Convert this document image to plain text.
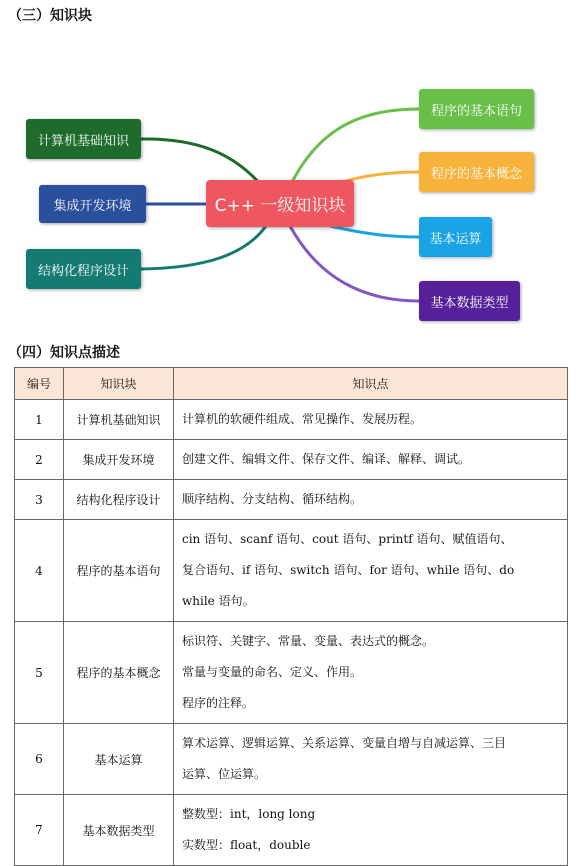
（三）知识块
C++ 一级知识块
计算机基础知识
集成开发环境
结构化程序设计
程序的基本语句
程序的基本概念
基本运算
基本数据类型
（四）知识点描述
编号	知识块	知识点
1	计算机基础知识	计算机的软硬件组成、常见操作、发展历程。

2	集成开发环境	创建文件、编辑文件、保存文件、编译、解释、调试。

3	结构化程序设计	顺序结构、分支结构、循环结构。

4	程序的基本语句	cin 语句、scanf 语句、cout 语句、printf 语句、赋值语句、
复合语句、if 语句、switch 语句、for 语句、while 语句、do
while 语句。

5	程序的基本概念	标识符、关键字、常量、变量、表达式的概念。
常量与变量的命名、定义、作用。
程序的注释。

6	基本运算	算术运算、逻辑运算、关系运算、变量自增与自减运算、三目
运算、位运算。

7	基本数据类型	整数型：int，long long
实数型：float，double
